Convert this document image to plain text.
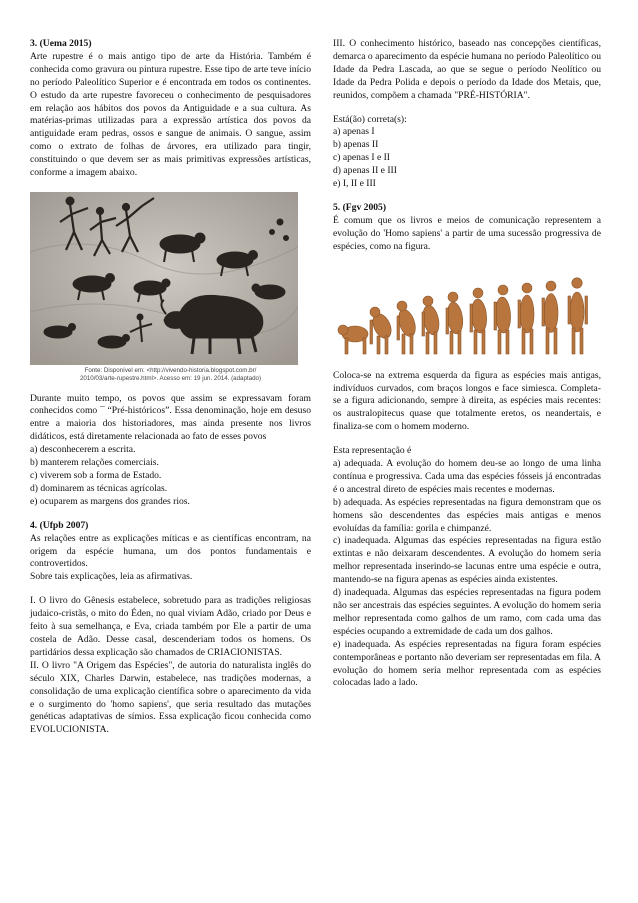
3. (Uema 2015)

Arte rupestre é o mais antigo tipo de arte da História. Também é conhecida como gravura ou pintura rupestre. Esse tipo de arte teve início no período Paleolítico Superior e é encontrada em todos os continentes. O estudo da arte rupestre favoreceu o conhecimento de pesquisadores em relação aos hábitos dos povos da Antiguidade e a sua cultura. As matérias-primas utilizadas para a expressão artística dos povos da antiguidade eram pedras, ossos e sangue de animais. O sangue, assim como o extrato de folhas de árvores, era utilizado para tingir, constituindo o que devem ser as mais primitivas expressões artísticas, conforme a imagem abaixo.

Fonte: Disponível em: <http://vivendo-historia.blogspot.com.br/
2010/03/arte-rupestre.html>. Acesso em: 19 jun. 2014. (adaptado)

Durante muito tempo, os povos que assim se expressavam foram conhecidos como ¯ “Pré-históricos”. Essa denominação, hoje em desuso entre a maioria dos historiadores, mas ainda presente nos livros didáticos, está diretamente relacionada ao fato de esses povos

a) desconhecerem a escrita.

b) manterem relações comerciais.

c) viverem sob a forma de Estado.

d) dominarem as técnicas agrícolas.

e) ocuparem as margens dos grandes rios.

4. (Ufpb 2007)

As relações entre as explicações míticas e as científicas encontram, na origem da espécie humana, um dos pontos fundamentais e controvertidos.

Sobre tais explicações, leia as afirmativas.

I. O livro do Gênesis estabelece, sobretudo para as tradições religiosas judaico-cristãs, o mito do Éden, no qual viviam Adão, criado por Deus e feito à sua semelhança, e Eva, criada também por Ele a partir de uma costela de Adão. Desse casal, descenderiam todos os homens. Os partidários dessa explicação são chamados de CRIACIONISTAS.

II. O livro "A Origem das Espécies", de autoria do naturalista inglês do século XIX, Charles Darwin, estabelece, nas tradições modernas, a consolidação de uma explicação científica sobre o aparecimento da vida e o surgimento do 'homo sapiens', que seria resultado das mutações genéticas adaptativas de símios. Essa explicação ficou conhecida como EVOLUCIONISTA.

III. O conhecimento histórico, baseado nas concepções científicas, demarca o aparecimento da espécie humana no período Paleolítico ou Idade da Pedra Lascada, ao que se segue o período Neolítico ou Idade da Pedra Polida e depois o período da Idade dos Metais, que, reunidos, compõem a chamada "PRÉ-HISTÓRIA".

Está(ão) correta(s):

a) apenas I

b) apenas II

c) apenas I e II

d) apenas II e III

e) I, II e III

5. (Fgv 2005)

É comum que os livros e meios de comunicação representem a evolução do 'Homo sapiens' a partir de uma sucessão progressiva de espécies, como na figura.

Coloca-se na extrema esquerda da figura as espécies mais antigas, indivíduos curvados, com braços longos e face simiesca. Completa-se a figura adicionando, sempre à direita, as espécies mais recentes: os australopitecus quase que totalmente eretos, os neandertais, e finaliza-se com o homem moderno.

Esta representação é

a) adequada. A evolução do homem deu-se ao longo de uma linha contínua e progressiva. Cada uma das espécies fósseis já encontradas é o ancestral direto de espécies mais recentes e modernas.

b) adequada. As espécies representadas na figura demonstram que os homens são descendentes das espécies mais antigas e menos evoluídas da família: gorila e chimpanzé.

c) inadequada. Algumas das espécies representadas na figura estão extintas e não deixaram descendentes. A evolução do homem seria melhor representada inserindo-se lacunas entre uma espécie e outra, mantendo-se na figura apenas as espécies ainda existentes.

d) inadequada. Algumas das espécies representadas na figura podem não ser ancestrais das espécies seguintes. A evolução do homem seria melhor representada como galhos de um ramo, com cada uma das espécies ocupando a extremidade de cada um dos galhos.

e) inadequada. As espécies representadas na figura foram espécies contemporâneas e portanto não deveriam ser representadas em fila. A evolução do homem seria melhor representada com as espécies colocadas lado a lado.
